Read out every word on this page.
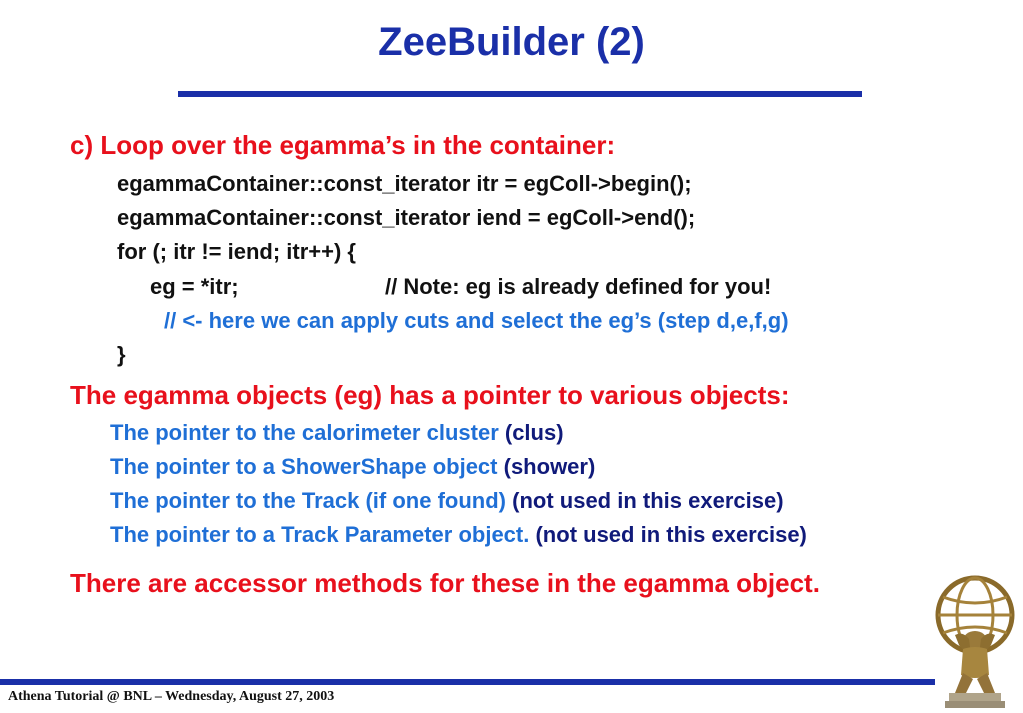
ZeeBuilder (2)
c) Loop over the egamma’s in the container:
egammaContainer::const_iterator itr = egColl->begin();
egammaContainer::const_iterator iend = egColl->end();
for (; itr != iend; itr++) {
eg = *itr;	// Note: eg is already defined for you!
// <- here we can apply cuts and select the eg’s (step d,e,f,g)
}
The egamma objects (eg) has a pointer to various objects:
The pointer to the calorimeter cluster (clus)
The pointer to a ShowerShape object (shower)
The pointer to the Track (if one found) (not used in this exercise)
The pointer to a Track Parameter object. (not used in this exercise)
There are accessor methods for these in the egamma object.
Athena Tutorial @ BNL – Wednesday, August 27, 2003
